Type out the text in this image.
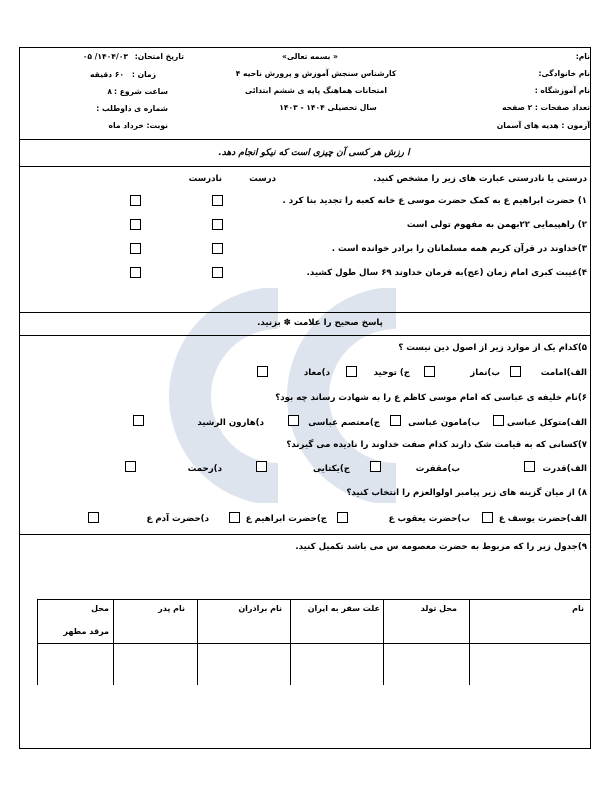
نام:
نام خانوادگی:
نام آموزشگاه :
تعداد صفحات : ۲ صفحه
آزمون : هدیه های آسمان
« بسمه تعالی»
کارشناس سنجش آموزش و پرورش ناحیه ۴
امتحانات هماهنگ پایه ی ششم ابتدائی
سال تحصیلی ۱۴۰۴ - ۱۴۰۳
تاریخ امتحان:
۱۴۰۴/۰۳/ ۰۵
زمان :
۶۰ دقیقه
ساعت شروع :
۸
شماره ی داوطلب :
نوبت: خرداد ماه
ا رزش هر کسی آن چیزی است که نیکو انجام دهد.
درستی یا نادرستی عبارت های زیر را مشخص کنید.
درست
نادرست
۱) حضرت ابراهیم ع به کمک حضرت موسی ع خانه کعبه را تجدید بنا کرد .
۲) راهپیمایی ۲۲بهمن به مفهوم تولی است
۳)خداوند در قرآن کریم همه مسلمانان را برادر خوانده است .
۴)غیبت کبری امام زمان (عج)به فرمان خداوند ۶۹ سال طول کشید.
پاسخ صحیح را علامت ✽ بزنید.
۵)کدام یک از موارد زیر از اصول دین نیست ؟
الف)امامت
ب)نماز
ج) توحید
د)معاد
۶)نام خلیفه ی عباسی که امام موسی کاظم ع را به شهادت رساند چه بود؟
الف)متوکل عباسی
ب)مامون عباسی
ج)معتصم عباسی
د)هارون الرشید
۷)کسانی که به قیامت شک دارند کدام صفت خداوند را نادیده می گیرند؟
الف)قدرت
ب)مقفرت
ج)یکتایی
د)رحمت
۸) از میان گزینه های زیر پیامبر اولوالعزم را انتخاب کنید؟
الف)حضرت یوسف ع
ب)حضرت یعقوب ع
ج)حضرت ابراهیم ع
د)حضرت آدم ع
۹)جدول زیر را که مربوط به حضرت معصومه س می باشد تکمیل کنید.
نام
محل تولد
علت سفر به ایران
نام برادران
نام پدر
محل
مرقد مطهر
